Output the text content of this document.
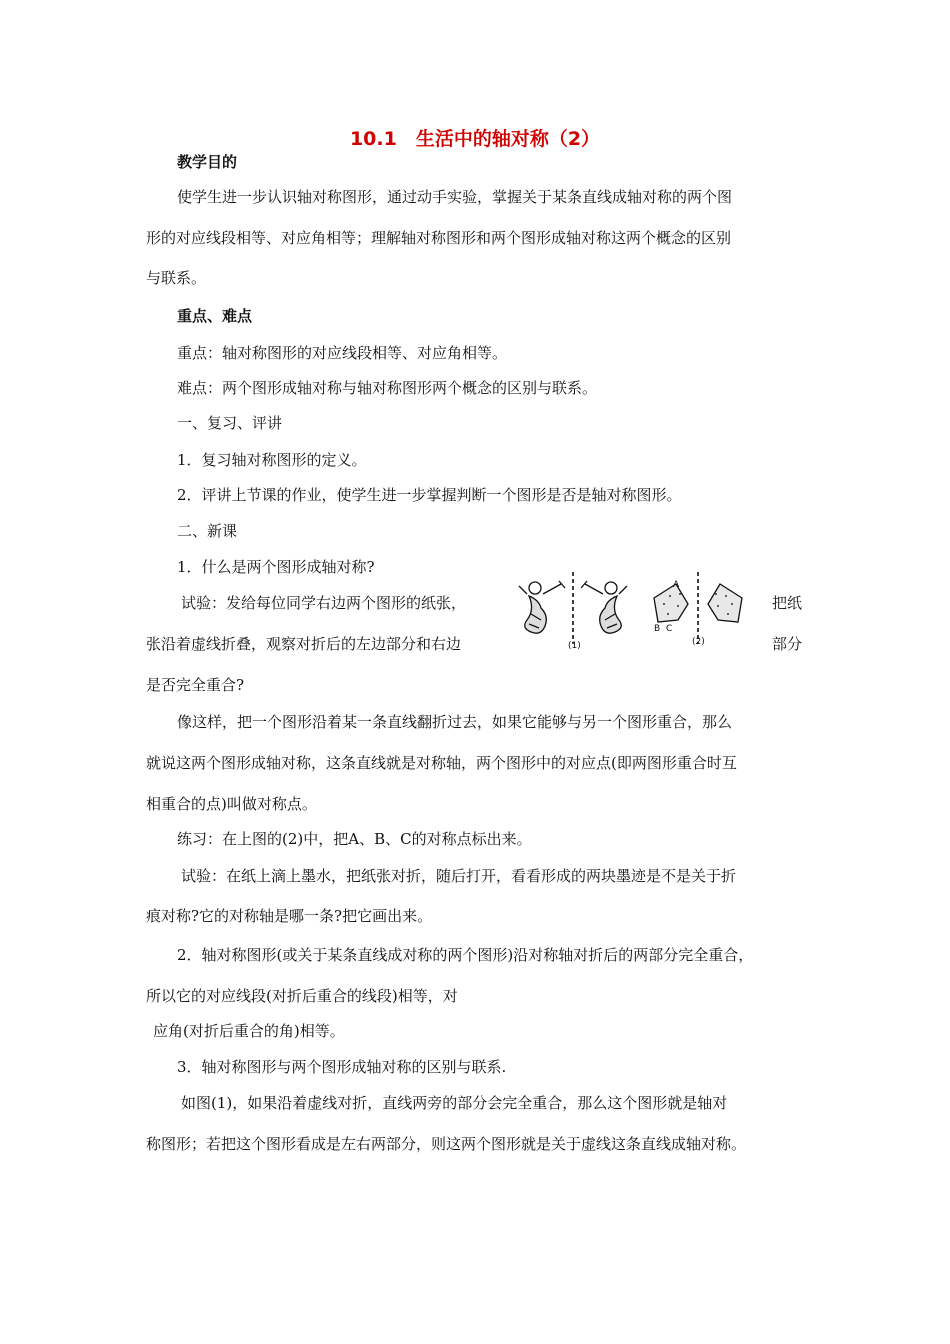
10.1　生活中的轴对称（2）
教学目的
使学生进一步认识轴对称图形，通过动手实验，掌握关于某条直线成轴对称的两个图
形的对应线段相等、对应角相等；理解轴对称图形和两个图形成轴对称这两个概念的区别
与联系。
重点、难点
重点：轴对称图形的对应线段相等、对应角相等。
难点：两个图形成轴对称与轴对称图形两个概念的区别与联系。
一、复习、评讲
1．复习轴对称图形的定义。
2．评讲上节课的作业，使学生进一步掌握判断一个图形是否是轴对称图形。
二、新课
1．什么是两个图形成轴对称?
试验：发给每位同学右边两个图形的纸张，	把纸
张沿着虚线折叠，观察对折后的左边部分和右边	部分
是否完全重合?
(1)
A
B C
(2)
像这样，把一个图形沿着某一条直线翻折过去，如果它能够与另一个图形重合，那么
就说这两个图形成轴对称，这条直线就是对称轴，两个图形中的对应点(即两图形重合时互
相重合的点)叫做对称点。
练习：在上图的(2)中，把A、B、C的对称点标出来。
试验：在纸上滴上墨水，把纸张对折，随后打开，看看形成的两块墨迹是不是关于折
痕对称?它的对称轴是哪一条?把它画出来。
2．轴对称图形(或关于某条直线成对称的两个图形)沿对称轴对折后的两部分完全重合，
所以它的对应线段(对折后重合的线段)相等，对
应角(对折后重合的角)相等。
3．轴对称图形与两个图形成轴对称的区别与联系.
如图(1)，如果沿着虚线对折，直线两旁的部分会完全重合，那么这个图形就是轴对
称图形；若把这个图形看成是左右两部分，则这两个图形就是关于虚线这条直线成轴对称。
